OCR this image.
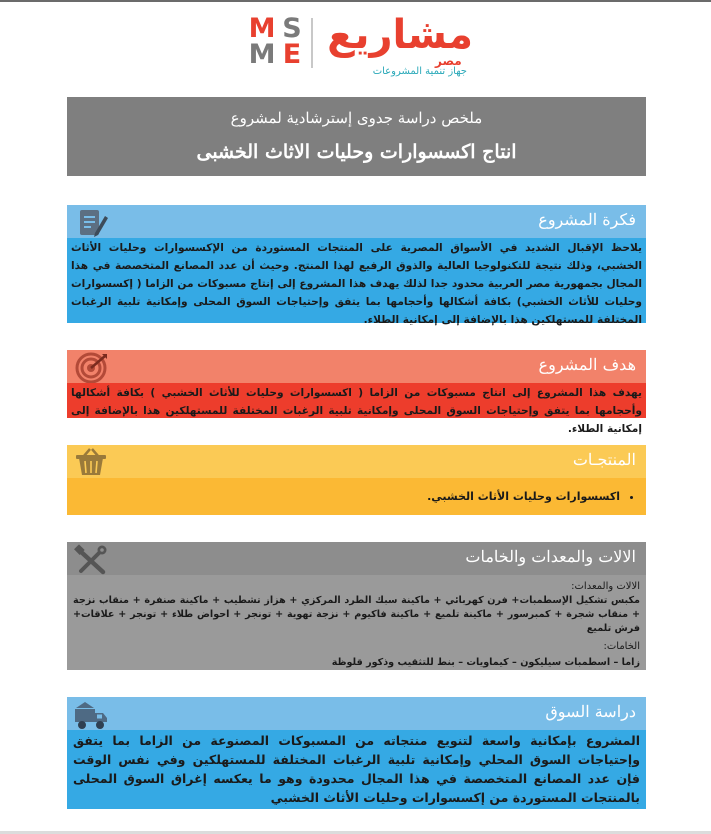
M S
M E مشاريع
مصر
جهاز تنمية المشروعات
ملخص دراسة جدوى إسترشادية لمشروع
انتاج اكسسوارات وحليات الاثاث الخشبى
فكرة المشروع
يلاحظ الإقبال الشديد في الأسواق المصرية على المنتجات المستوردة من الإكسسوارات وحليات الأثاث الخشبي، وذلك نتيجة للتكنولوجيا العالية والذوق الرفيع لهذا المنتج. وحيث أن عدد المصانع المتخصصة في هذا المجال بجمهورية مصر العربية محدود جدا لذلك يهدف هذا المشروع إلى إنتاج مسبوكات من الزاما ( إكسسوارات وحليات للأثاث الخشبي) بكافة أشكالها وأحجامها بما يتفق وإحتياجات السوق المحلى وإمكانية تلبية الرغبات المختلفة للمستهلكين هذا بالإضافة إلى إمكانية الطلاء.
هدف المشروع
يهدف هذا المشروع إلى انتاج مسبوكات من الزاما ( اكسسوارات وحليات للأثاث الخشبي ) بكافة أشكالها وأحجامها بما يتفق وإحتياجات السوق المحلى وإمكانية تلبية الرغبات المختلفة للمستهلكين هذا بالإضافة إلى إمكانية الطلاء.
المنتجـات
• اكسسوارات وحليات الأثاث الخشبي.
الالات والمعدات والخامات
الالات والمعدات:
مكبس تشكيل الإسطمبات+ فرن كهربائي + ماكينة سبك الطرد المركزي + هزاز تشطيب + ماكينة صنفرة + منقاب نزجة + منقاب شجرة + كمبرسور + ماكينة تلميع + ماكينة فاكيوم + نزجة تهوية + تونجر + احواض طلاء + تونجر + علاقات+ فرش تلميع
الخامات:
زاما – اسطمبات سيليكون – كيماويات – بنط للتثقيب وذكور قلوظة
دراسة السوق
المشروع بإمكانية واسعة لتنويع منتجاته من المسبوكات المصنوعة من الزاما بما يتفق وإحتياجات السوق المحلي وإمكانية تلبية الرغبات المختلفة للمستهلكين وفي نفس الوقت فإن عدد المصانع المتخصصة في هذا المجال محدودة وهو ما يعكسه إغراق السوق المحلى بالمنتجات المستوردة من إكسسوارات وحليات الأثاث الخشبي
